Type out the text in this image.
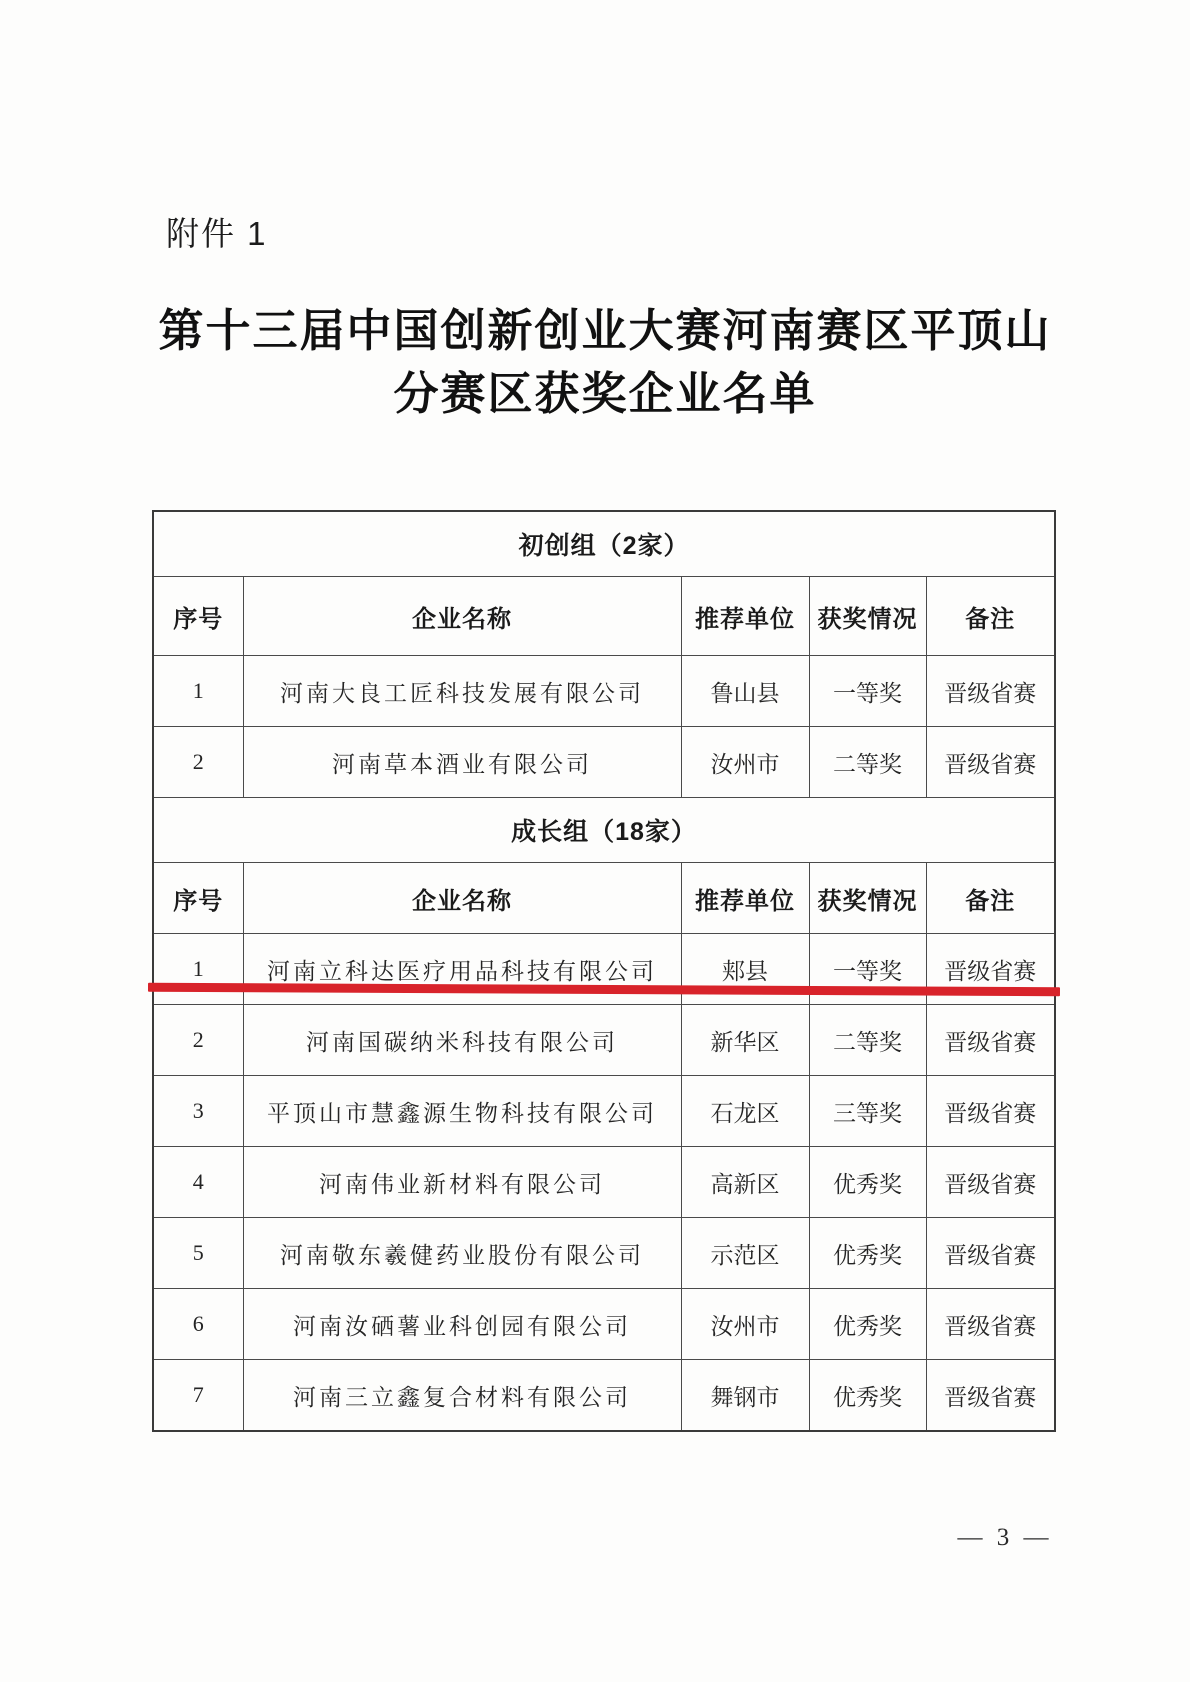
附件 1
第十三届中国创新创业大赛河南赛区平顶山
分赛区获奖企业名单
初创组（2家）				
序号	企业名称	推荐单位	获奖情况	备注
1	河南大良工匠科技发展有限公司	鲁山县	一等奖	晋级省赛
2	河南草本酒业有限公司	汝州市	二等奖	晋级省赛
成长组（18家）				
序号	企业名称	推荐单位	获奖情况	备注
1	河南立科达医疗用品科技有限公司	郏县	一等奖	晋级省赛
2	河南国碳纳米科技有限公司	新华区	二等奖	晋级省赛
3	平顶山市慧鑫源生物科技有限公司	石龙区	三等奖	晋级省赛
4	河南伟业新材料有限公司	高新区	优秀奖	晋级省赛
5	河南敬东羲健药业股份有限公司	示范区	优秀奖	晋级省赛
6	河南汝硒薯业科创园有限公司	汝州市	优秀奖	晋级省赛
7	河南三立鑫复合材料有限公司	舞钢市	优秀奖	晋级省赛
— 3 —
